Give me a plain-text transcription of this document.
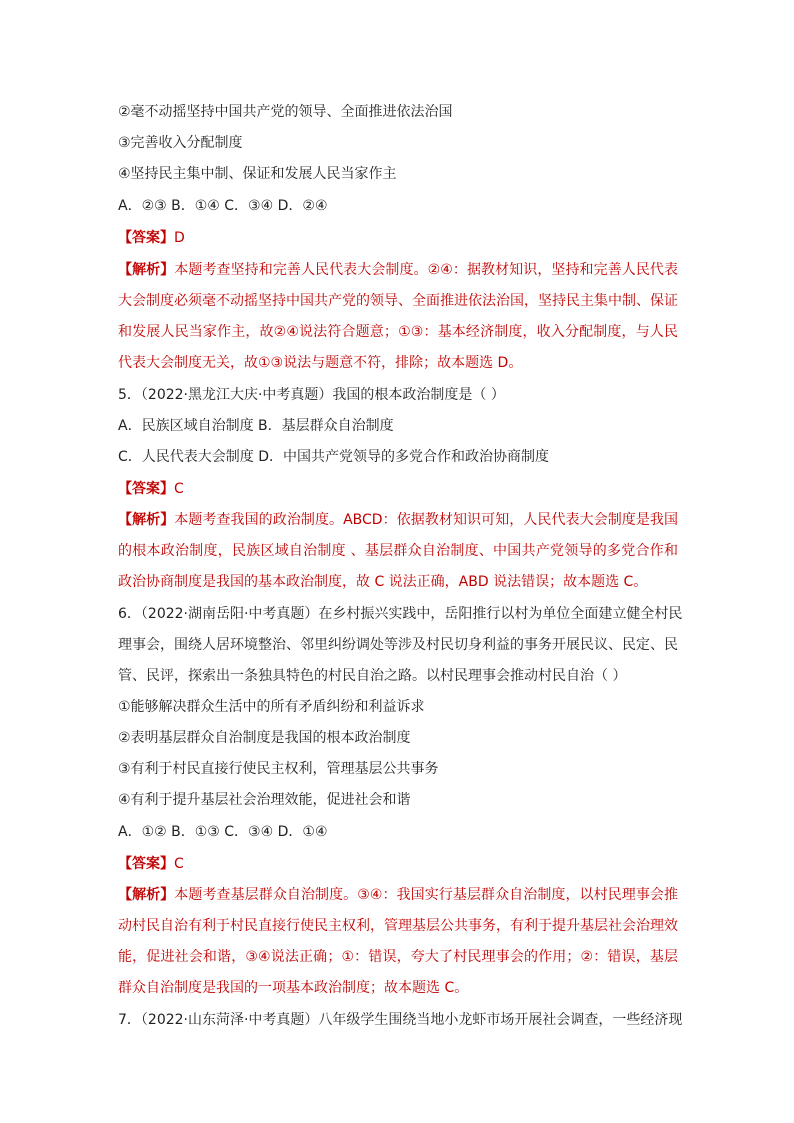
②毫不动摇坚持中国共产党的领导、全面推进依法治国
③完善收入分配制度
④坚持民主集中制、保证和发展人民当家作主
A．②③ B．①④ C．③④ D．②④
【答案】D
【解析】本题考查坚持和完善人民代表大会制度。②④：据教材知识，坚持和完善人民代表
大会制度必须毫不动摇坚持中国共产党的领导、全面推进依法治国，坚持民主集中制、保证
和发展人民当家作主，故②④说法符合题意；①③：基本经济制度，收入分配制度，与人民
代表大会制度无关，故①③说法与题意不符，排除；故本题选 D。
5．（2022·黑龙江大庆·中考真题）我国的根本政治制度是（ ）
A．民族区域自治制度 B．基层群众自治制度
C．人民代表大会制度 D．中国共产党领导的多党合作和政治协商制度
【答案】C
【解析】本题考查我国的政治制度。ABCD：依据教材知识可知，人民代表大会制度是我国
的根本政治制度，民族区域自治制度 、基层群众自治制度、中国共产党领导的多党合作和
政治协商制度是我国的基本政治制度，故 C 说法正确，ABD 说法错误；故本题选 C。
6．（2022·湖南岳阳·中考真题）在乡村振兴实践中，岳阳推行以村为单位全面建立健全村民
理事会，围绕人居环境整治、邻里纠纷调处等涉及村民切身利益的事务开展民议、民定、民
管、民评，探索出一条独具特色的村民自治之路。以村民理事会推动村民自治（ ）
①能够解决群众生活中的所有矛盾纠纷和利益诉求
②表明基层群众自治制度是我国的根本政治制度
③有利于村民直接行使民主权利，管理基层公共事务
④有利于提升基层社会治理效能，促进社会和谐
A．①② B．①③ C．③④ D．①④
【答案】C
【解析】本题考查基层群众自治制度。③④：我国实行基层群众自治制度，以村民理事会推
动村民自治有利于村民直接行使民主权利，管理基层公共事务，有利于提升基层社会治理效
能，促进社会和谐，③④说法正确；①：错误，夸大了村民理事会的作用；②：错误，基层
群众自治制度是我国的一项基本政治制度；故本题选 C。
7．（2022·山东菏泽·中考真题）八年级学生围绕当地小龙虾市场开展社会调查，一些经济现
